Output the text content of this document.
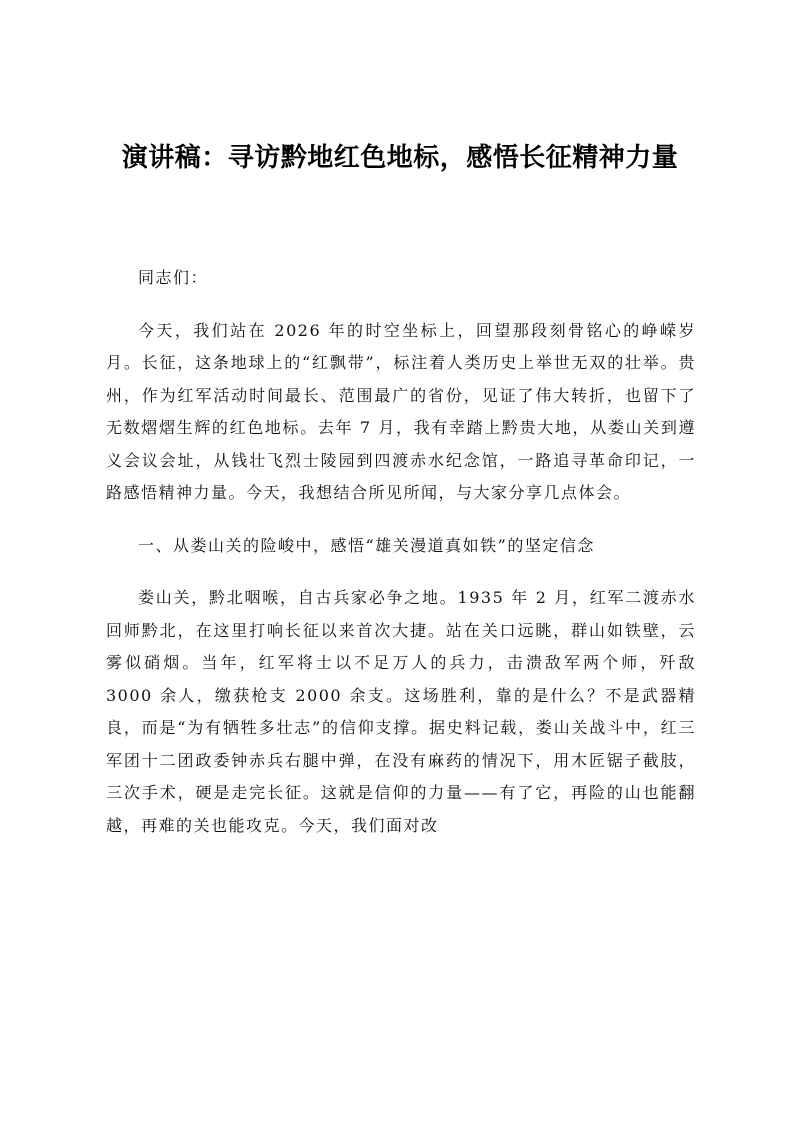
演讲稿：寻访黔地红色地标，感悟长征精神力量

同志们：

今天，我们站在 2026 年的时空坐标上，回望那段刻骨铭心的峥嵘岁月。长征，这条地球上的“红飘带”，标注着人类历史上举世无双的壮举。贵州，作为红军活动时间最长、范围最广的省份，见证了伟大转折，也留下了无数熠熠生辉的红色地标。去年 7 月，我有幸踏上黔贵大地，从娄山关到遵义会议会址，从钱壮飞烈士陵园到四渡赤水纪念馆，一路追寻革命印记，一路感悟精神力量。今天，我想结合所见所闻，与大家分享几点体会。

一、从娄山关的险峻中，感悟“雄关漫道真如铁”的坚定信念

娄山关，黔北咽喉，自古兵家必争之地。1935 年 2 月，红军二渡赤水回师黔北，在这里打响长征以来首次大捷。站在关口远眺，群山如铁壁，云雾似硝烟。当年，红军将士以不足万人的兵力，击溃敌军两个师，歼敌 3000 余人，缴获枪支 2000 余支。这场胜利，靠的是什么？不是武器精良，而是“为有牺牲多壮志”的信仰支撑。据史料记载，娄山关战斗中，红三军团十二团政委钟赤兵右腿中弹，在没有麻药的情况下，用木匠锯子截肢，三次手术，硬是走完长征。这就是信仰的力量——有了它，再险的山也能翻越，再难的关也能攻克。今天，我们面对改
